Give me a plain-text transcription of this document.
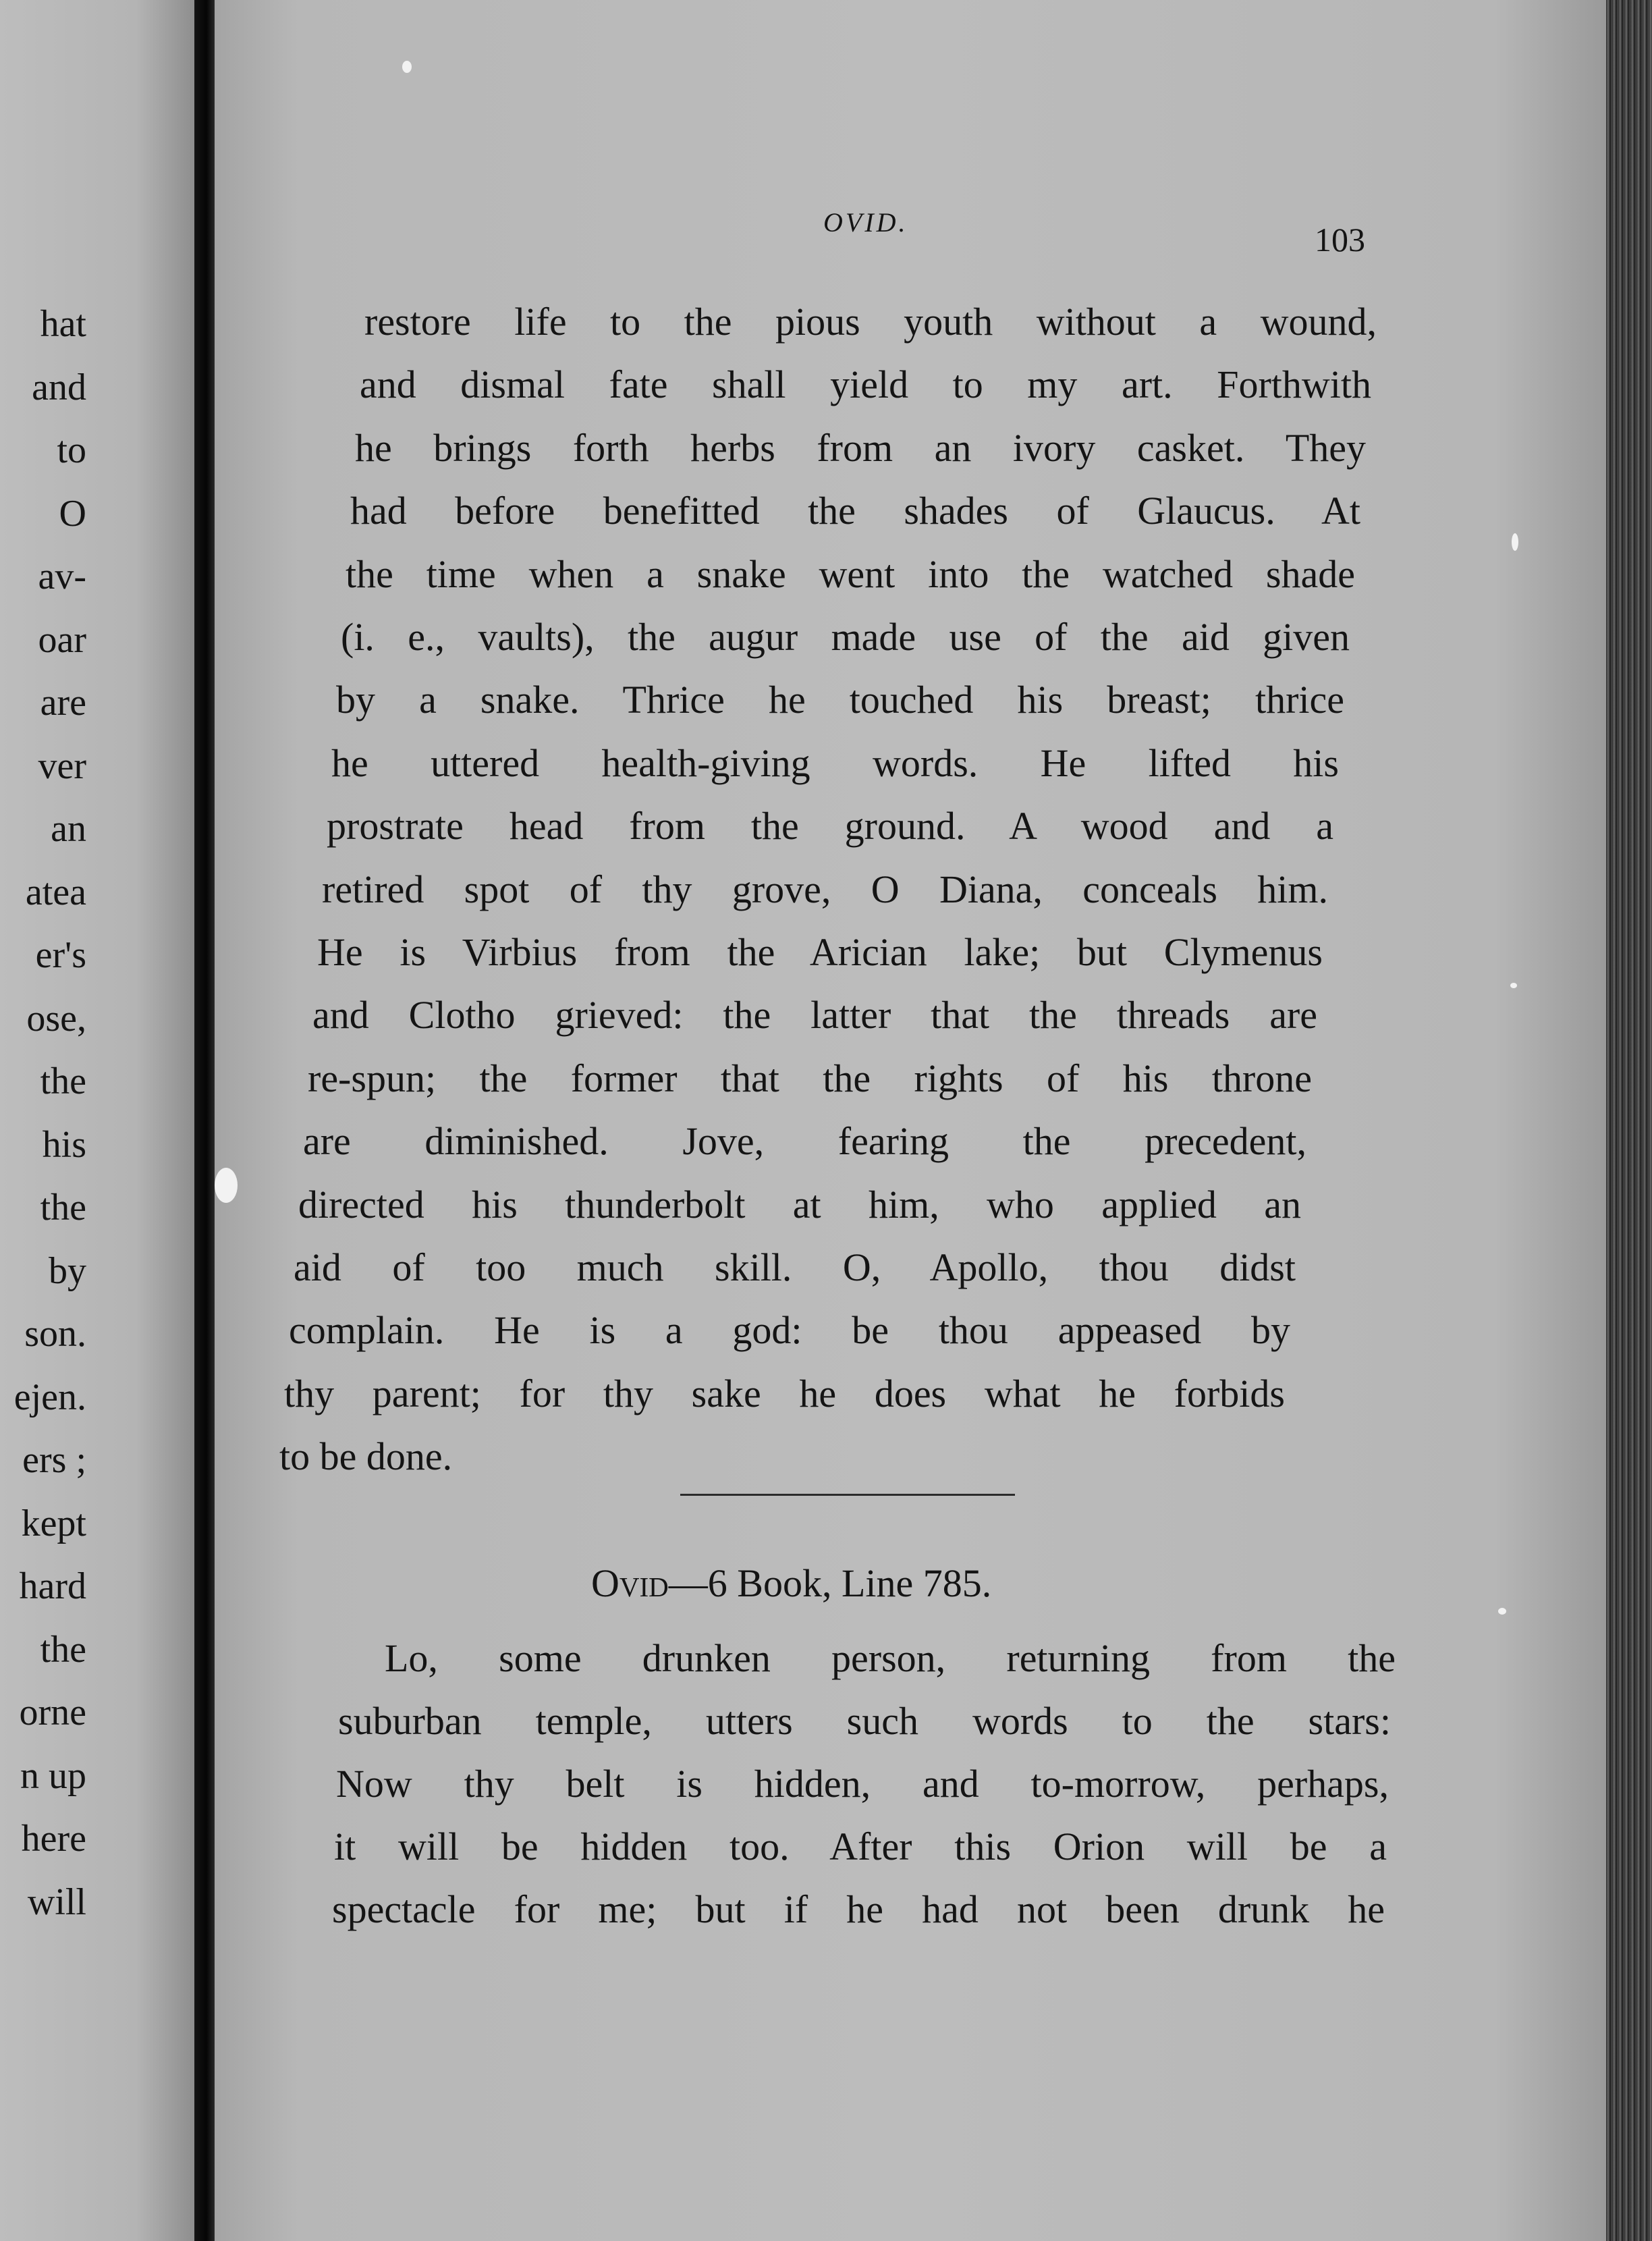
hat
and
to
O
av-
oar
are
ver
an
atea
er's
ose,
the
his
the
by
son.
ejen.
ers ;
kept
hard
the
orne
n up
here
will
OVID.	103
restore life to the pious youth without a wound,
and dismal fate shall yield to my art. Forthwith
he brings forth herbs from an ivory casket. They
had before benefitted the shades of Glaucus. At
the time when a snake went into the watched shade
(i. e., vaults), the augur made use of the aid given
by a snake. Thrice he touched his breast; thrice
he uttered health-giving words. He lifted his
prostrate head from the ground. A wood and a
retired spot of thy grove, O Diana, conceals him.
He is Virbius from the Arician lake; but Clymenus
and Clotho grieved: the latter that the threads are
re-spun; the former that the rights of his throne
are diminished. Jove, fearing the precedent,
directed his thunderbolt at him, who applied an
aid of too much skill. O, Apollo, thou didst
complain. He is a god: be thou appeased by
thy parent; for thy sake he does what he forbids
to be done.
Ovid—6 Book, Line 785.
Lo, some drunken person, returning from the
suburban temple, utters such words to the stars:
Now thy belt is hidden, and to-morrow, perhaps,
it will be hidden too. After this Orion will be a
spectacle for me; but if he had not been drunk he
